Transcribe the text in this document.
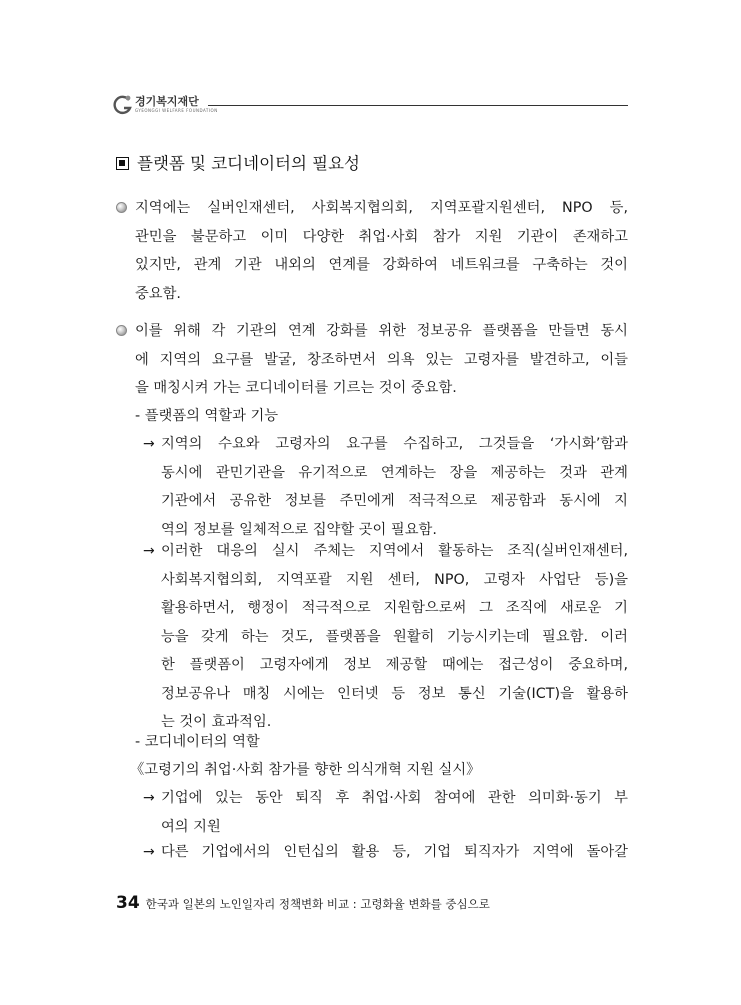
경기복지재단
GYEONGGI WELFARE FOUNDATION
플랫폼 및 코디네이터의 필요성
지역에는 실버인재센터, 사회복지협의회, 지역포괄지원센터, NPO 등,
관민을 불문하고 이미 다양한 취업·사회 참가 지원 기관이 존재하고
있지만, 관계 기관 내외의 연계를 강화하여 네트워크를 구축하는 것이
중요함.
이를 위해 각 기관의 연계 강화를 위한 정보공유 플랫폼을 만들면 동시
에 지역의 요구를 발굴, 창조하면서 의욕 있는 고령자를 발견하고, 이들
을 매칭시켜 가는 코디네이터를 기르는 것이 중요함.
- 플랫폼의 역할과 기능
→ 지역의 수요와 고령자의 요구를 수집하고, 그것들을 ‘가시화’함과
동시에 관민기관을 유기적으로 연계하는 장을 제공하는 것과 관계
기관에서 공유한 정보를 주민에게 적극적으로 제공함과 동시에 지
역의 정보를 일체적으로 집약할 곳이 필요함.
→ 이러한 대응의 실시 주체는 지역에서 활동하는 조직(실버인재센터,
사회복지협의회, 지역포괄 지원 센터, NPO, 고령자 사업단 등)을
활용하면서, 행정이 적극적으로 지원함으로써 그 조직에 새로운 기
능을 갖게 하는 것도, 플랫폼을 원활히 기능시키는데 필요함. 이러
한 플랫폼이 고령자에게 정보 제공할 때에는 접근성이 중요하며,
정보공유나 매칭 시에는 인터넷 등 정보 통신 기술(ICT)을 활용하
는 것이 효과적임.
- 코디네이터의 역할
《고령기의 취업·사회 참가를 향한 의식개혁 지원 실시》
→ 기업에 있는 동안 퇴직 후 취업·사회 참여에 관한 의미화·동기 부
여의 지원
→ 다른 기업에서의 인턴십의 활용 등, 기업 퇴직자가 지역에 돌아갈
34 한국과 일본의 노인일자리 정책변화 비교 : 고령화율 변화를 중심으로
